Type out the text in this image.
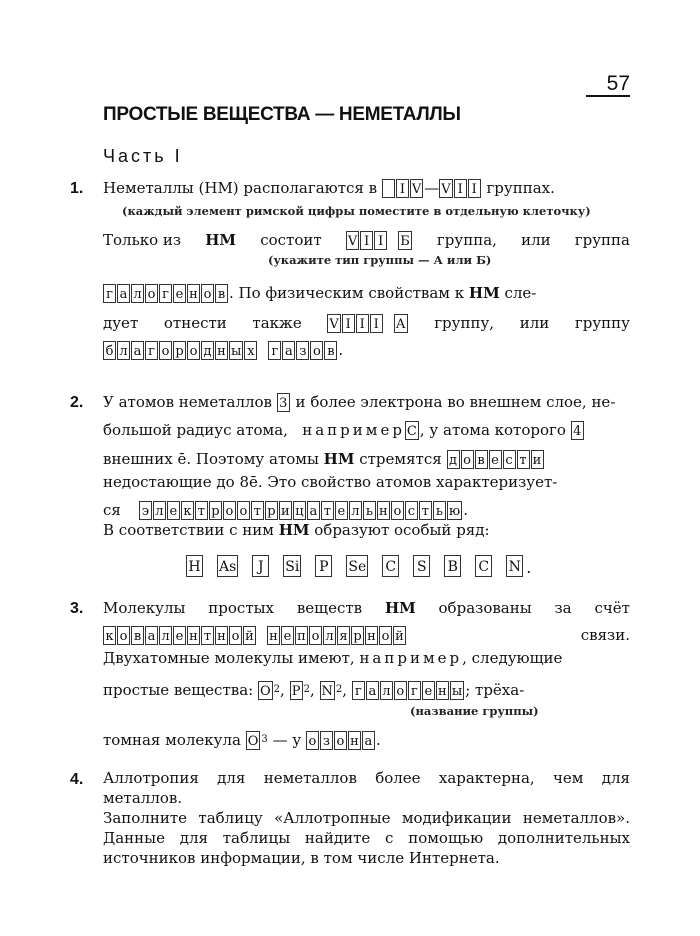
57
ПРОСТЫЕ ВЕЩЕСТВА — НЕМЕТАЛЛЫ
Часть I
1. Неметаллы (НМ) располагаются в
	I V — V I I
группах.
(каждый элемент римской цифры поместите в отдельную клеточку)
Только из НМ состоит V I I	Б группа, или группа
(укажите тип группы — А или Б)
г а л о г е н о в . По физическим свойствам к
НМ
сле-
дует отнести также V I I I	А группу, или группу
б л а г о р о д н ы х г а з о в .
2. У атомов неметаллов
3
и более электрона во внешнем слое, не-
большой радиус атома,
например C , у атома которого
4
внешних ē. Поэтому атомы
НМ
стремятся
д о в е с т и
недостающие до 8ē. Это свойство атомов характеризует-
ся э л е к т р о о т р и ц а т е л ь н о с т ь ю .
В соответствии с ним
НМ
образуют особый ряд:
H As	J	Si P Se C S B C N .
3. Молекулы простых веществ НМ образованы за счёт
к о в а л е н т н о й н е п о л я р н о й	связи.
Двухатомные молекулы имеют,
например , следующие
простые вещества:
O 2 ,
P 2 ,
N 2 ,
г а л о г е н ы ; трёха-
(название группы)
томная молекула
O 3
— у
о з о н а .
4. Аллотропия для неметаллов более характерна, чем для металлов.
Заполните таблицу «Аллотропные модификации неметаллов». Данные для таблицы найдите с помощью дополнительных источников информации, в том числе Интернета.
